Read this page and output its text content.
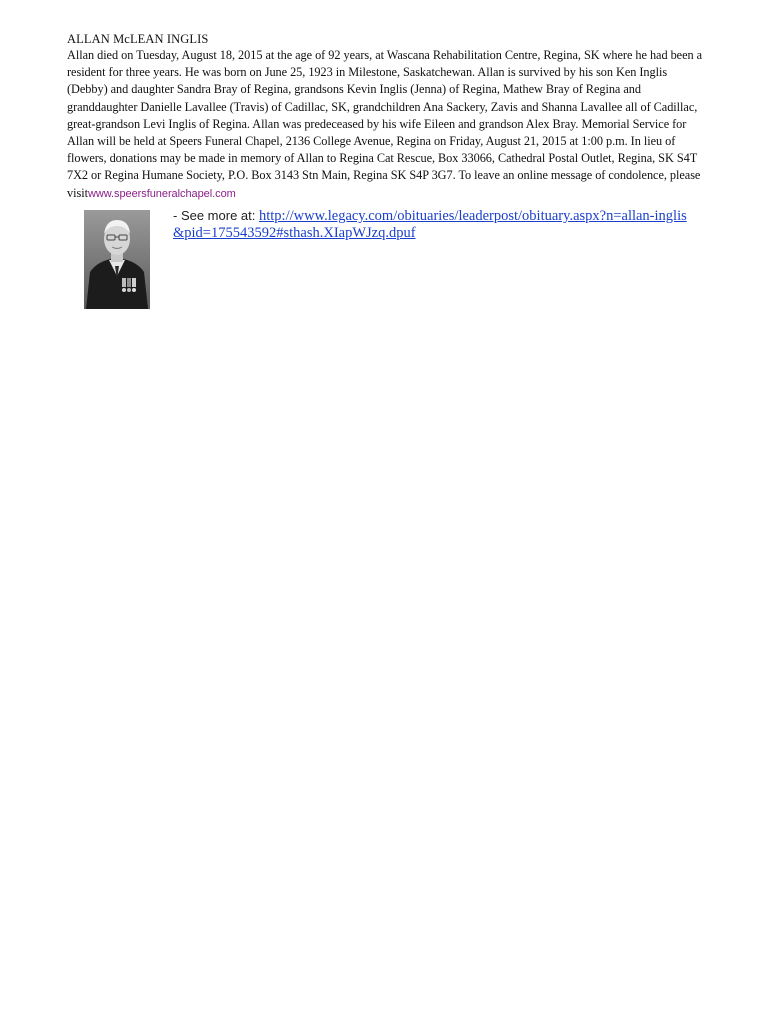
ALLAN McLEAN INGLIS

Allan died on Tuesday, August 18, 2015 at the age of 92 years, at Wascana Rehabilitation Centre, Regina, SK where he had been a resident for three years. He was born on June 25, 1923 in Milestone, Saskatchewan. Allan is survived by his son Ken Inglis (Debby) and daughter Sandra Bray of Regina, grandsons Kevin Inglis (Jenna) of Regina, Mathew Bray of Regina and granddaughter Danielle Lavallee (Travis) of Cadillac, SK, grandchildren Ana Sackery, Zavis and Shanna Lavallee all of Cadillac, great-grandson Levi Inglis of Regina. Allan was predeceased by his wife Eileen and grandson Alex Bray. Memorial Service for Allan will be held at Speers Funeral Chapel, 2136 College Avenue, Regina on Friday, August 21, 2015 at 1:00 p.m. In lieu of flowers, donations may be made in memory of Allan to Regina Cat Rescue, Box 33066, Cathedral Postal Outlet, Regina, SK S4T 7X2 or Regina Humane Society, P.O. Box 3143 Stn Main, Regina SK S4P 3G7. To leave an online message of condolence, please visitwww.speersfuneralchapel.com

- See more at: http://www.legacy.com/obituaries/leaderpost/obituary.aspx?n=allan-inglis&pid=175543592#sthash.XIapWJzq.dpuf
